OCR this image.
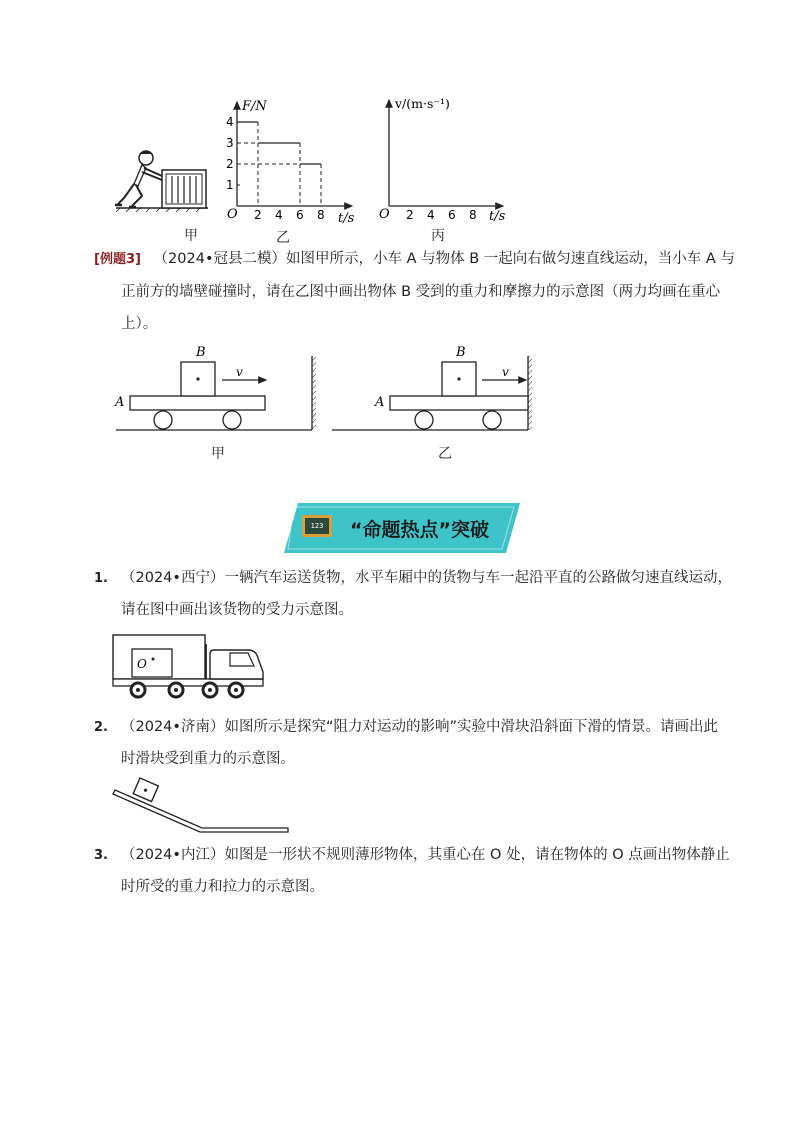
甲
2 4 6 8
4
3
2
1
F/N
t/s
O
乙
2 4 6 8
v/(m·s⁻¹)
t/s
O
丙
[例题3] （2024•冠县二模）如图甲所示，小车 A 与物体 B 一起向右做匀速直线运动，当小车 A 与
正前方的墙壁碰撞时，请在乙图中画出物体 B 受到的重力和摩擦力的示意图（两力均画在重心
上）。
B
A
v
甲
B
A
v
乙
123 “命题热点”突破
1. （2024•西宁）一辆汽车运送货物，水平车厢中的货物与车一起沿平直的公路做匀速直线运动，
请在图中画出该货物的受力示意图。
O
2. （2024•济南）如图所示是探究“阻力对运动的影响”实验中滑块沿斜面下滑的情景。请画出此
时滑块受到重力的示意图。
3. （2024•内江）如图是一形状不规则薄形物体，其重心在 O 处，请在物体的 O 点画出物体静止
时所受的重力和拉力的示意图。
